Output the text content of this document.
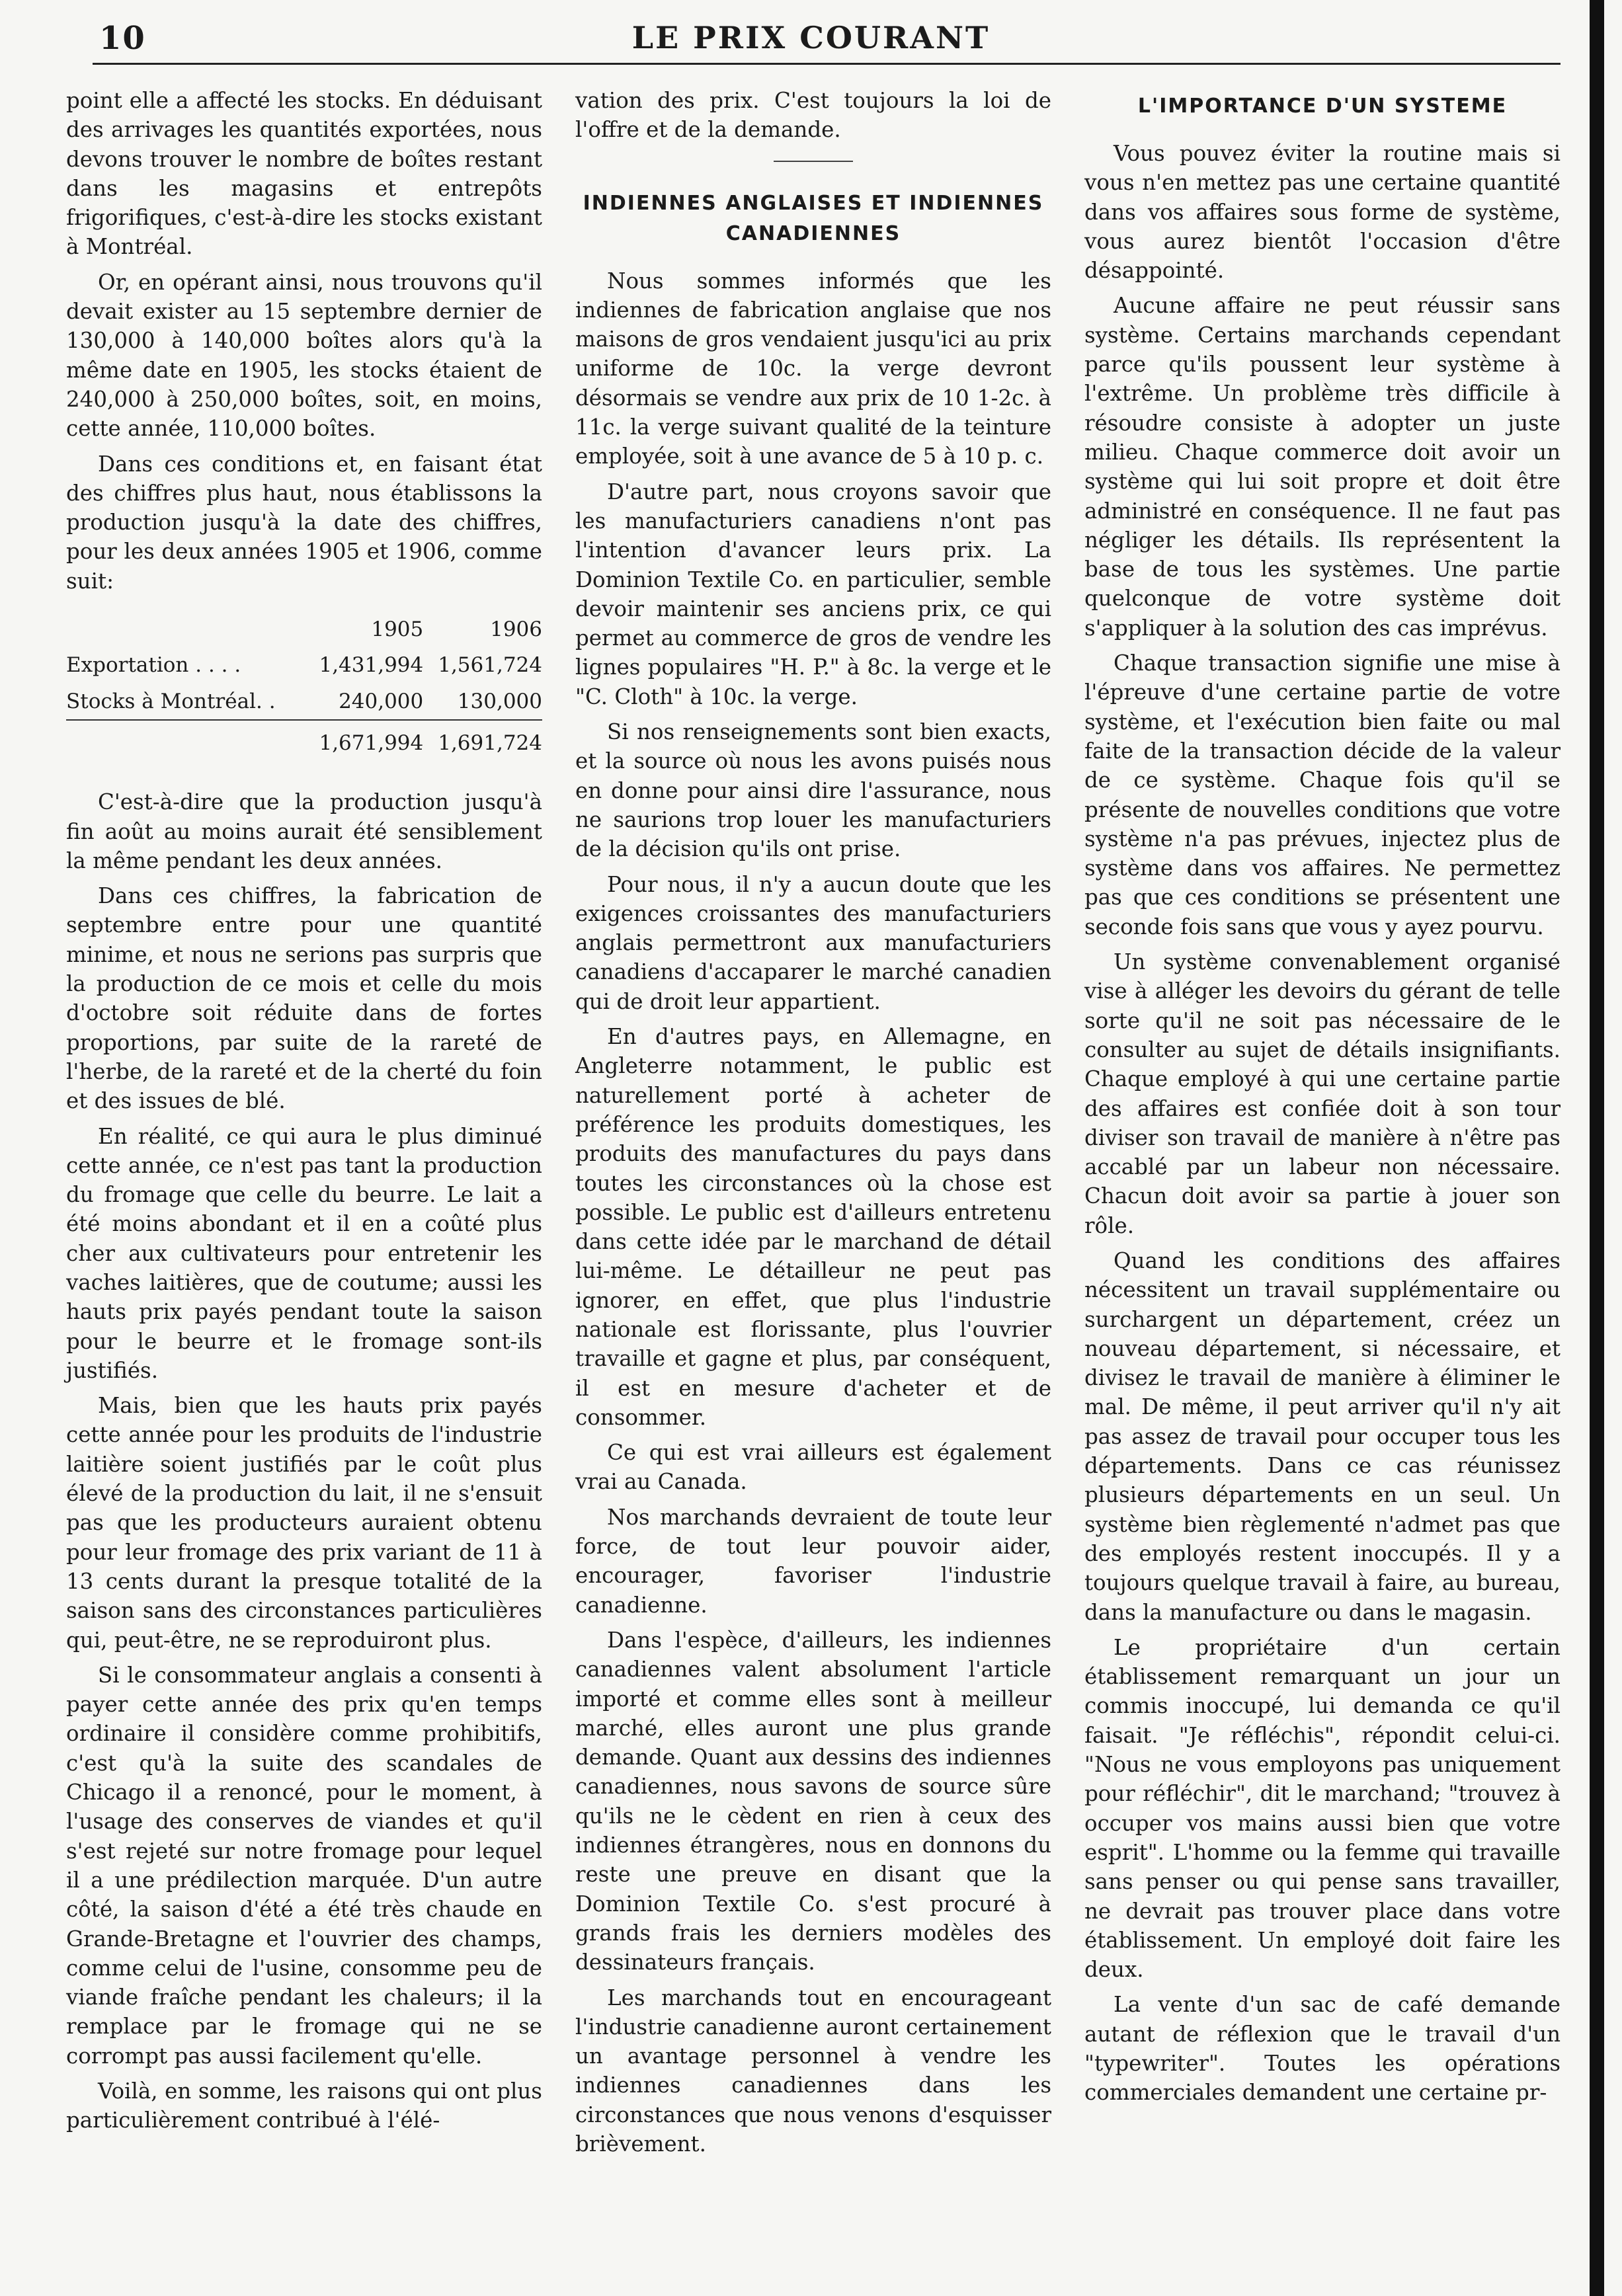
10	LE PRIX COURANT

point elle a affecté les stocks. En déduisant des arrivages les quantités exportées, nous devons trouver le nombre de boîtes restant dans les magasins et entrepôts frigorifiques, c'est-à-dire les stocks existant à Montréal.

Or, en opérant ainsi, nous trouvons qu'il devait exister au 15 septembre dernier de 130,000 à 140,000 boîtes alors qu'à la même date en 1905, les stocks étaient de 240,000 à 250,000 boîtes, soit, en moins, cette année, 110,000 boîtes.

Dans ces conditions et, en faisant état des chiffres plus haut, nous établissons la production jusqu'à la date des chiffres, pour les deux années 1905 et 1906, comme suit:

	1905	1906
Exportation . . . .	1,431,994	1,561,724
Stocks à Montréal. .	240,000	130,000
	1,671,994	1,691,724

C'est-à-dire que la production jusqu'à fin août au moins aurait été sensiblement la même pendant les deux années.

Dans ces chiffres, la fabrication de septembre entre pour une quantité minime, et nous ne serions pas surpris que la production de ce mois et celle du mois d'octobre soit réduite dans de fortes proportions, par suite de la rareté de l'herbe, de la rareté et de la cherté du foin et des issues de blé.

En réalité, ce qui aura le plus diminué cette année, ce n'est pas tant la production du fromage que celle du beurre. Le lait a été moins abondant et il en a coûté plus cher aux cultivateurs pour entretenir les vaches laitières, que de coutume; aussi les hauts prix payés pendant toute la saison pour le beurre et le fromage sont-ils justifiés.

Mais, bien que les hauts prix payés cette année pour les produits de l'industrie laitière soient justifiés par le coût plus élevé de la production du lait, il ne s'ensuit pas que les producteurs auraient obtenu pour leur fromage des prix variant de 11 à 13 cents durant la presque totalité de la saison sans des circonstances particulières qui, peut-être, ne se reproduiront plus.

Si le consommateur anglais a consenti à payer cette année des prix qu'en temps ordinaire il considère comme prohibitifs, c'est qu'à la suite des scandales de Chicago il a renoncé, pour le moment, à l'usage des conserves de viandes et qu'il s'est rejeté sur notre fromage pour lequel il a une prédilection marquée. D'un autre côté, la saison d'été a été très chaude en Grande-Bretagne et l'ouvrier des champs, comme celui de l'usine, consomme peu de viande fraîche pendant les chaleurs; il la remplace par le fromage qui ne se corrompt pas aussi facilement qu'elle.

Voilà, en somme, les raisons qui ont plus particulièrement contribué à l'élé-

vation des prix. C'est toujours la loi de l'offre et de la demande.

INDIENNES ANGLAISES ET INDIENNES CANADIENNES

Nous sommes informés que les indiennes de fabrication anglaise que nos maisons de gros vendaient jusqu'ici au prix uniforme de 10c. la verge devront désormais se vendre aux prix de 10 1-2c. à 11c. la verge suivant qualité de la teinture employée, soit à une avance de 5 à 10 p. c.

D'autre part, nous croyons savoir que les manufacturiers canadiens n'ont pas l'intention d'avancer leurs prix. La Dominion Textile Co. en particulier, semble devoir maintenir ses anciens prix, ce qui permet au commerce de gros de vendre les lignes populaires "H. P." à 8c. la verge et le "C. Cloth" à 10c. la verge.

Si nos renseignements sont bien exacts, et la source où nous les avons puisés nous en donne pour ainsi dire l'assurance, nous ne saurions trop louer les manufacturiers de la décision qu'ils ont prise.

Pour nous, il n'y a aucun doute que les exigences croissantes des manufacturiers anglais permettront aux manufacturiers canadiens d'accaparer le marché canadien qui de droit leur appartient.

En d'autres pays, en Allemagne, en Angleterre notamment, le public est naturellement porté à acheter de préférence les produits domestiques, les produits des manufactures du pays dans toutes les circonstances où la chose est possible. Le public est d'ailleurs entretenu dans cette idée par le marchand de détail lui-même. Le détailleur ne peut pas ignorer, en effet, que plus l'industrie nationale est florissante, plus l'ouvrier travaille et gagne et plus, par conséquent, il est en mesure d'acheter et de consommer.

Ce qui est vrai ailleurs est également vrai au Canada.

Nos marchands devraient de toute leur force, de tout leur pouvoir aider, encourager, favoriser l'industrie canadienne.

Dans l'espèce, d'ailleurs, les indiennes canadiennes valent absolument l'article importé et comme elles sont à meilleur marché, elles auront une plus grande demande. Quant aux dessins des indiennes canadiennes, nous savons de source sûre qu'ils ne le cèdent en rien à ceux des indiennes étrangères, nous en donnons du reste une preuve en disant que la Dominion Textile Co. s'est procuré à grands frais les derniers modèles des dessinateurs français.

Les marchands tout en encourageant l'industrie canadienne auront certainement un avantage personnel à vendre les indiennes canadiennes dans les circonstances que nous venons d'esquisser brièvement.

L'IMPORTANCE D'UN SYSTEME

Vous pouvez éviter la routine mais si vous n'en mettez pas une certaine quantité dans vos affaires sous forme de système, vous aurez bientôt l'occasion d'être désappointé.

Aucune affaire ne peut réussir sans système. Certains marchands cependant parce qu'ils poussent leur système à l'extrême. Un problème très difficile à résoudre consiste à adopter un juste milieu. Chaque commerce doit avoir un système qui lui soit propre et doit être administré en conséquence. Il ne faut pas négliger les détails. Ils représentent la base de tous les systèmes. Une partie quelconque de votre système doit s'appliquer à la solution des cas imprévus.

Chaque transaction signifie une mise à l'épreuve d'une certaine partie de votre système, et l'exécution bien faite ou mal faite de la transaction décide de la valeur de ce système. Chaque fois qu'il se présente de nouvelles conditions que votre système n'a pas prévues, injectez plus de système dans vos affaires. Ne permettez pas que ces conditions se présentent une seconde fois sans que vous y ayez pourvu.

Un système convenablement organisé vise à alléger les devoirs du gérant de telle sorte qu'il ne soit pas nécessaire de le consulter au sujet de détails insignifiants. Chaque employé à qui une certaine partie des affaires est confiée doit à son tour diviser son travail de manière à n'être pas accablé par un labeur non nécessaire. Chacun doit avoir sa partie à jouer son rôle.

Quand les conditions des affaires nécessitent un travail supplémentaire ou surchargent un département, créez un nouveau département, si nécessaire, et divisez le travail de manière à éliminer le mal. De même, il peut arriver qu'il n'y ait pas assez de travail pour occuper tous les départements. Dans ce cas réunissez plusieurs départements en un seul. Un système bien règlementé n'admet pas que des employés restent inoccupés. Il y a toujours quelque travail à faire, au bureau, dans la manufacture ou dans le magasin.

Le propriétaire d'un certain établissement remarquant un jour un commis inoccupé, lui demanda ce qu'il faisait. "Je réfléchis", répondit celui-ci. "Nous ne vous employons pas uniquement pour réfléchir", dit le marchand; "trouvez à occuper vos mains aussi bien que votre esprit". L'homme ou la femme qui travaille sans penser ou qui pense sans travailler, ne devrait pas trouver place dans votre établissement. Un employé doit faire les deux.

La vente d'un sac de café demande autant de réflexion que le travail d'un "typewriter". Toutes les opérations commerciales demandent une certaine pr-
